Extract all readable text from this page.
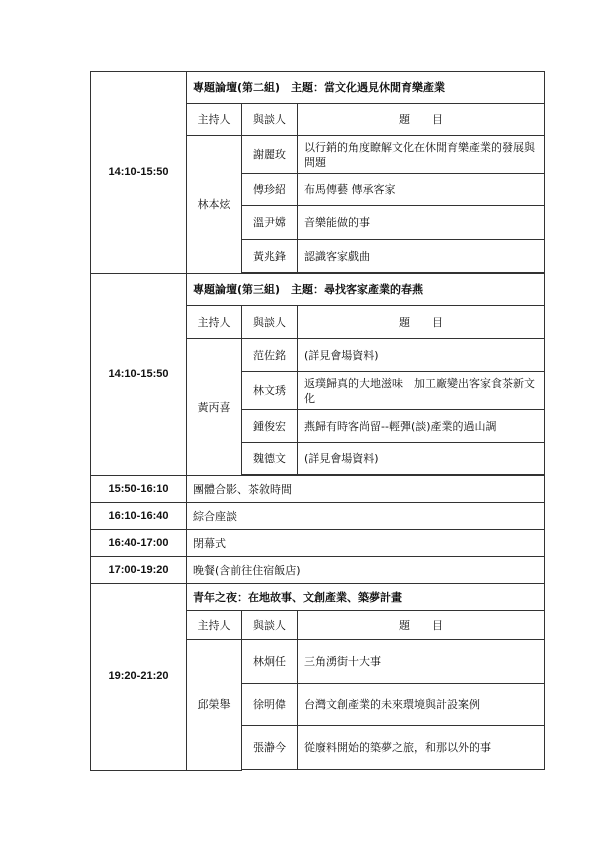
14:10-15:50	專題論壇(第二組)　主題：當文化遇見休閒育樂產業		
	主持人	與談人	題　　目
	林本炫	謝麗玫	以行銷的角度瞭解文化在休閒育樂產業的發展與問題
		傅珍紹	布馬傳藝 傳承客家
		溫尹嫦	音樂能做的事
		黃兆鋒	認識客家戲曲

14:10-15:50	專題論壇(第三組)　主題：尋找客家產業的春燕		
	主持人	與談人	題　　目
	黃丙喜	范佐銘	(詳見會場資料)
		林文琇	返璞歸真的大地滋味　加工廠變出客家食茶新文化
		鍾俊宏	燕歸有時客尚留--輕彈(談)產業的過山調
		魏德文	(詳見會場資料)

15:50-16:10	團體合影、茶敘時間		
16:10-16:40	綜合座談		
16:40-17:00	閉幕式		
17:00-19:20	晚餐(含前往住宿飯店)		
19:20-21:20	青年之夜：在地故事、文創產業、築夢計畫		
	主持人	與談人	題　　目
	邱榮舉	林炯任	三角湧街十大事
		徐明偉	台灣文創產業的未來環境與計設案例
		張瀞今	從廢料開始的築夢之旅，和那以外的事
